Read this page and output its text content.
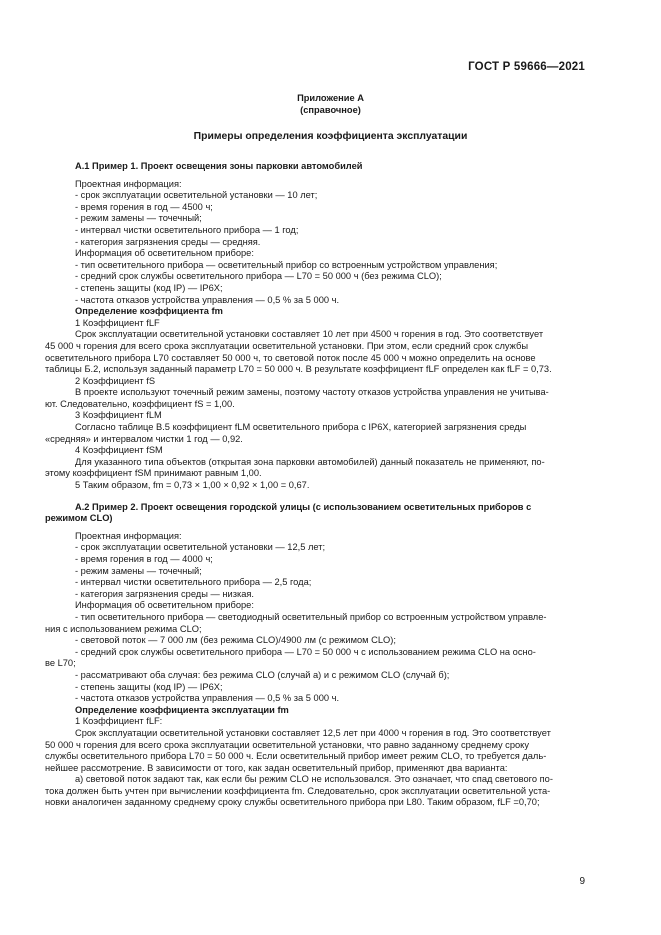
ГОСТ Р 59666—2021
Приложение А
(справочное)
Примеры определения коэффициента эксплуатации

А.1 Пример 1. Проект освещения зоны парковки автомобилей

Проектная информация:

- срок эксплуатации осветительной установки — 10 лет;

- время горения в год — 4500 ч;

- режим замены — точечный;

- интервал чистки осветительного прибора — 1 год;

- категория загрязнения среды — средняя.

Информация об осветительном приборе:

- тип осветительного прибора — осветительный прибор со встроенным устройством управления;

- средний срок службы осветительного прибора — L70 = 50 000 ч (без режима CLO);

- степень защиты (код IP) — IP6X;

- частота отказов устройства управления — 0,5 % за 5 000 ч.

Определение коэффициента fm

1 Коэффициент fLF

Срок эксплуатации осветительной установки составляет 10 лет при 4500 ч горения в год. Это соответствует

45 000 ч горения для всего срока эксплуатации осветительной установки. При этом, если средний срок службы

осветительного прибора L70 составляет 50 000 ч, то световой поток после 45 000 ч можно определить на основе

таблицы Б.2, используя заданный параметр L70 = 50 000 ч. В результате коэффициент fLF определен как fLF = 0,73.

2 Коэффициент fS

В проекте используют точечный режим замены, поэтому частоту отказов устройства управления не учитыва-

ют. Следовательно, коэффициент fS = 1,00.

3 Коэффициент fLM

Согласно таблице В.5 коэффициент fLM осветительного прибора с IP6X, категорией загрязнения среды

«средняя» и интервалом чистки 1 год — 0,92.

4 Коэффициент fSM

Для указанного типа объектов (открытая зона парковки автомобилей) данный показатель не применяют, по-

этому коэффициент fSM принимают равным 1,00.

5 Таким образом, fm = 0,73 × 1,00 × 0,92 × 1,00 = 0,67.

А.2 Пример 2. Проект освещения городской улицы (с использованием осветительных приборов с

режимом CLO)

Проектная информация:

- срок эксплуатации осветительной установки — 12,5 лет;

- время горения в год — 4000 ч;

- режим замены — точечный;

- интервал чистки осветительного прибора — 2,5 года;

- категория загрязнения среды — низкая.

Информация об осветительном приборе:

- тип осветительного прибора — светодиодный осветительный прибор со встроенным устройством управле-

ния с использованием режима CLO;

- световой поток — 7 000 лм (без режима CLO)/4900 лм (с режимом CLO);

- средний срок службы осветительного прибора — L70 = 50 000 ч с использованием режима CLO на осно-

ве L70;

- рассматривают оба случая: без режима CLO (случай а) и с режимом CLO (случай б);

- степень защиты (код IP) — IP6X;

- частота отказов устройства управления — 0,5 % за 5 000 ч.

Определение коэффициента эксплуатации fm

1 Коэффициент fLF:

Срок эксплуатации осветительной установки составляет 12,5 лет при 4000 ч горения в год. Это соответствует

50 000 ч горения для всего срока эксплуатации осветительной установки, что равно заданному среднему сроку

службы осветительного прибора L70 = 50 000 ч. Если осветительный прибор имеет режим CLO, то требуется даль-

нейшее рассмотрение. В зависимости от того, как задан осветительный прибор, применяют два варианта:

а) световой поток задают так, как если бы режим CLO не использовался. Это означает, что спад светового по-

тока должен быть учтен при вычислении коэффициента fm. Следовательно, срок эксплуатации осветительной уста-

новки аналогичен заданному среднему сроку службы осветительного прибора при L80. Таким образом, fLF =0,70;

9
